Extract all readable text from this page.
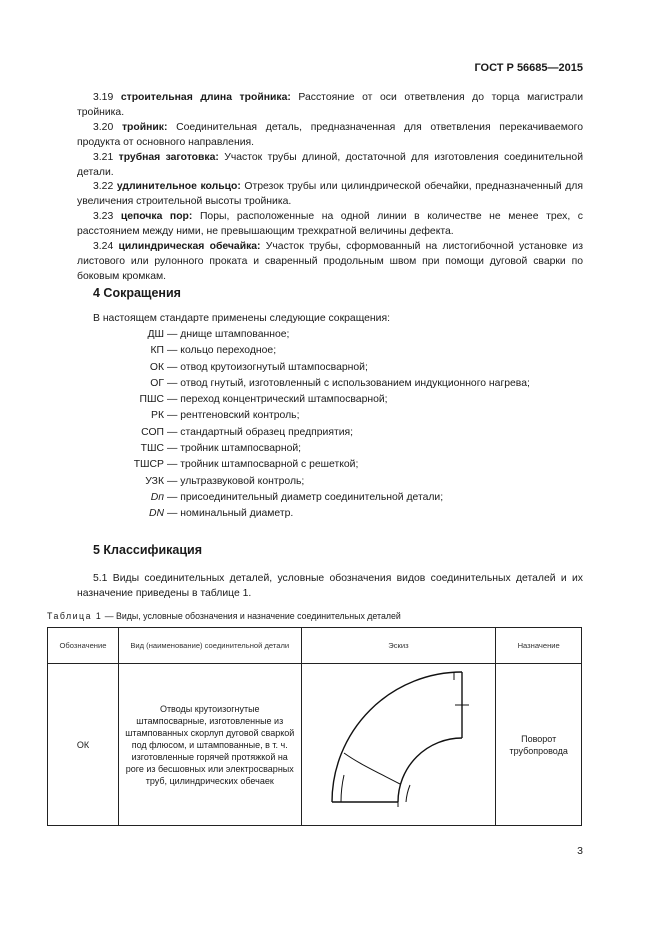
ГОСТ Р 56685—2015

3.19 строительная длина тройника: Расстояние от оси ответвления до торца магистрали тройника.

3.20 тройник: Соединительная деталь, предназначенная для ответвления перекачиваемого продукта от основного направления.

3.21 трубная заготовка: Участок трубы длиной, достаточной для изготовления соединительной детали.

3.22 удлинительное кольцо: Отрезок трубы или цилиндрической обечайки, предназначенный для увеличения строительной высоты тройника.

3.23 цепочка пор: Поры, расположенные на одной линии в количестве не менее трех, с расстоянием между ними, не превышающим трехкратной величины дефекта.

3.24 цилиндрическая обечайка: Участок трубы, сформованный на листогибочной установке из листового или рулонного проката и сваренный продольным швом при помощи дуговой сварки по боковым кромкам.

4 Сокращения
В настоящем стандарте применены следующие сокращения:
ДШ — днище штампованное;
КП — кольцо переходное;
ОК — отвод крутоизогнутый штампосварной;
ОГ — отвод гнутый, изготовленный с использованием индукционного нагрева;
ПШС — переход концентрический штампосварной;
РК — рентгеновский контроль;
СОП — стандартный образец предприятия;
ТШС — тройник штампосварной;
ТШСР — тройник штампосварной с решеткой;
УЗК — ультразвуковой контроль;
Dп — присоединительный диаметр соединительной детали;
DN — номинальный диаметр.
5 Классификация

5.1 Виды соединительных деталей, условные обозначения видов соединительных деталей и их назначение приведены в таблице 1.

Таблица 1 — Виды, условные обозначения и назначение соединительных деталей
Обозначение	Вид (наименование) соединительной детали	Эскиз	Назначение
ОК	Отводы крутоизогнутые штампосварные, изготовленные из штампованных скорлуп дуговой сваркой под флюсом, и штампованные, в т. ч. изготовленные горячей протяжкой на роге из бесшовных или электросварных труб, цилиндрических обечаек		Поворот трубопровода
3
